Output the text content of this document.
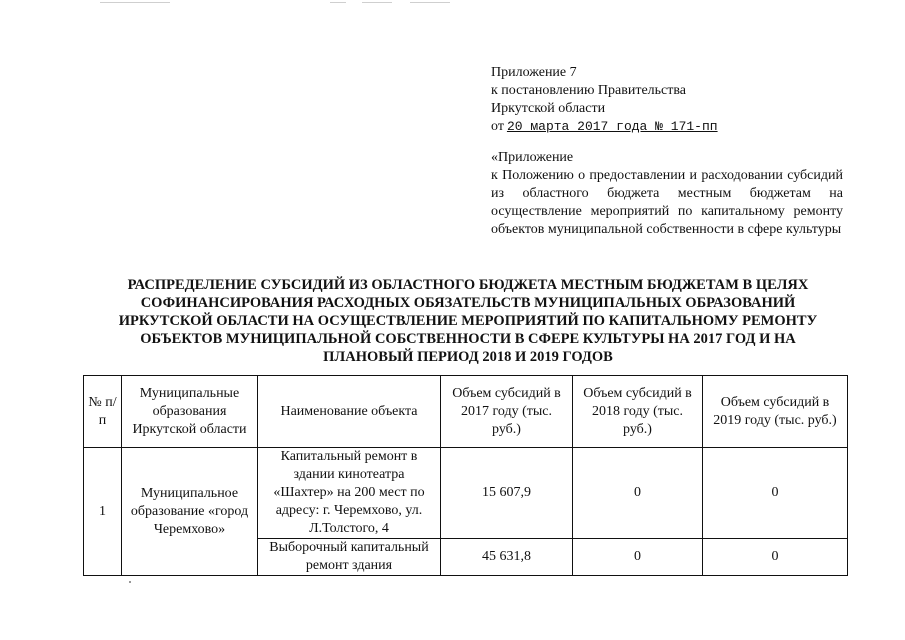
Приложение 7
к постановлению Правительства
Иркутской области
от 20 марта 2017 года № 171-пп
«Приложение
к Положению о предоставлении и расходовании субсидий из областного бюджета местным бюджетам на осуществление мероприятий по капитальному ремонту объектов муниципальной собственности в сфере культуры
РАСПРЕДЕЛЕНИЕ СУБСИДИЙ ИЗ ОБЛАСТНОГО БЮДЖЕТА МЕСТНЫМ БЮДЖЕТАМ В ЦЕЛЯХ СОФИНАНСИРОВАНИЯ РАСХОДНЫХ ОБЯЗАТЕЛЬСТВ МУНИЦИПАЛЬНЫХ ОБРАЗОВАНИЙ ИРКУТСКОЙ ОБЛАСТИ НА ОСУЩЕСТВЛЕНИЕ МЕРОПРИЯТИЙ ПО КАПИТАЛЬНОМУ РЕМОНТУ ОБЪЕКТОВ МУНИЦИПАЛЬНОЙ СОБСТВЕННОСТИ В СФЕРЕ КУЛЬТУРЫ НА 2017 ГОД И НА ПЛАНОВЫЙ ПЕРИОД 2018 И 2019 ГОДОВ
№ п/п	Муниципальные образования Иркутской области	Наименование объекта	Объем субсидий в 2017 году (тыс. руб.)	Объем субсидий в 2018 году (тыс. руб.)	Объем субсидий в 2019 году (тыс. руб.)
1	Муниципальное образование «город Черемхово»	Капитальный ремонт в здании кинотеатра «Шахтер» на 200 мест по адресу: г. Черемхово, ул. Л.Толстого, 4	15 607,9	0	0
		Выборочный капитальный ремонт здания	45 631,8	0	0
